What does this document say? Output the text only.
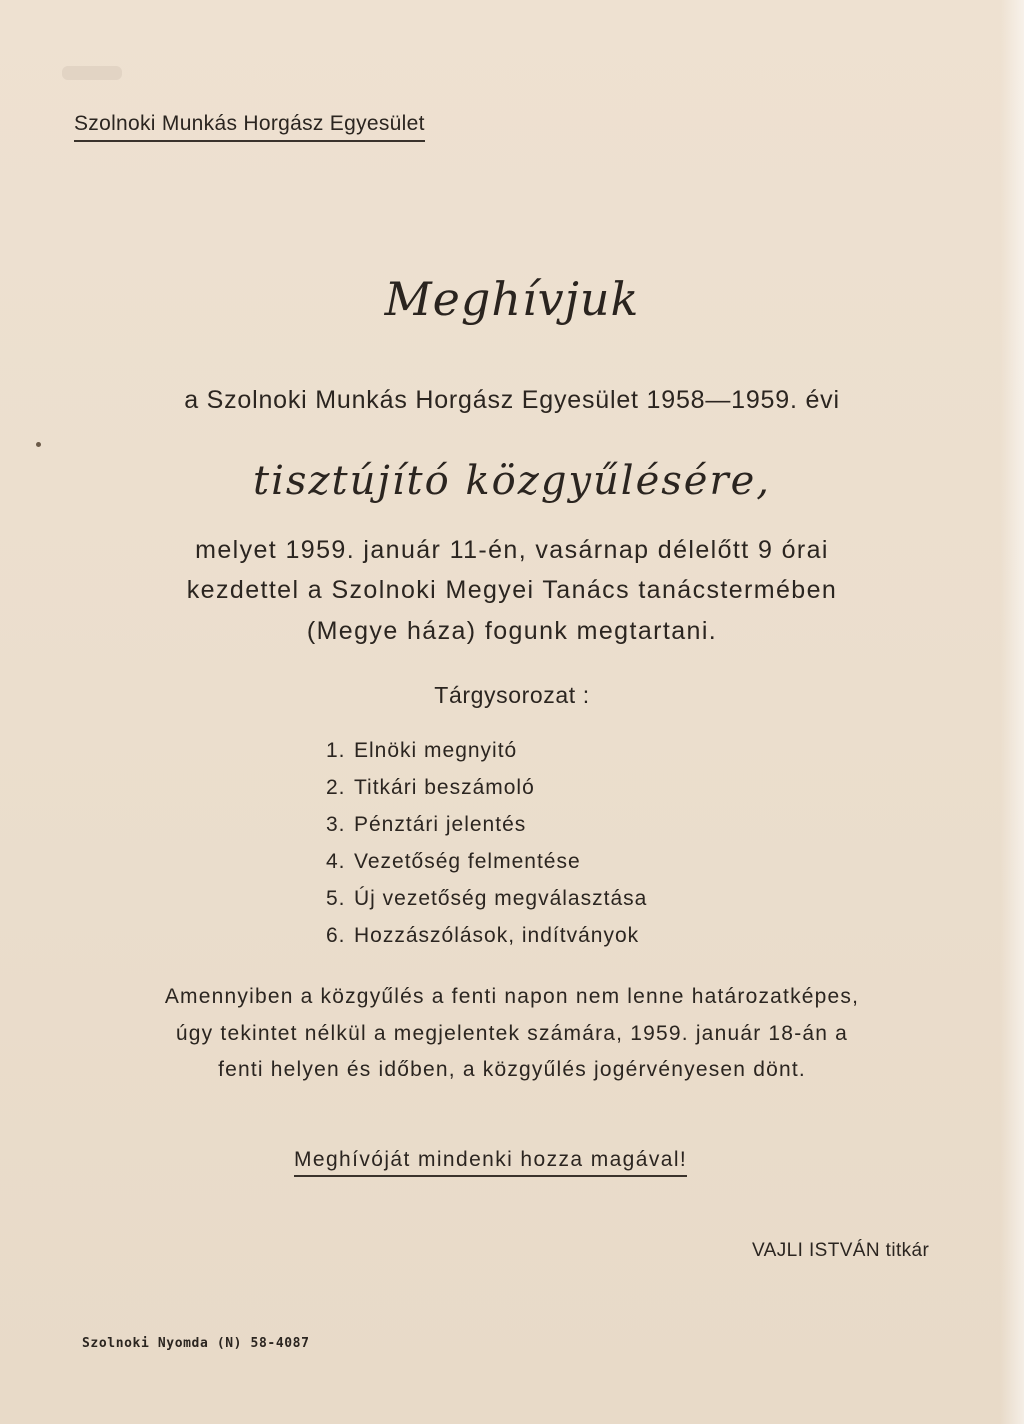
Szolnoki Munkás Horgász Egyesület
Meghívjuk
a Szolnoki Munkás Horgász Egyesület 1958—1959. évi
tisztújító közgyűlésére,
melyet 1959. január 11-én, vasárnap délelőtt 9 órai
kezdettel a Szolnoki Megyei Tanács tanácstermében
(Megye háza) fogunk megtartani.
Tárgysorozat :
1. Elnöki megnyitó
2. Titkári beszámoló
3. Pénztári jelentés
4. Vezetőség felmentése
5. Új vezetőség megválasztása
6. Hozzászólások, indítványok
Amennyiben a közgyűlés a fenti napon nem lenne határozatképes,
úgy tekintet nélkül a megjelentek számára, 1959. január 18-án a
fenti helyen és időben, a közgyűlés jogérvényesen dönt.
Meghívóját mindenki hozza magával!
VAJLI ISTVÁN titkár
Szolnoki Nyomda (N) 58-4087
